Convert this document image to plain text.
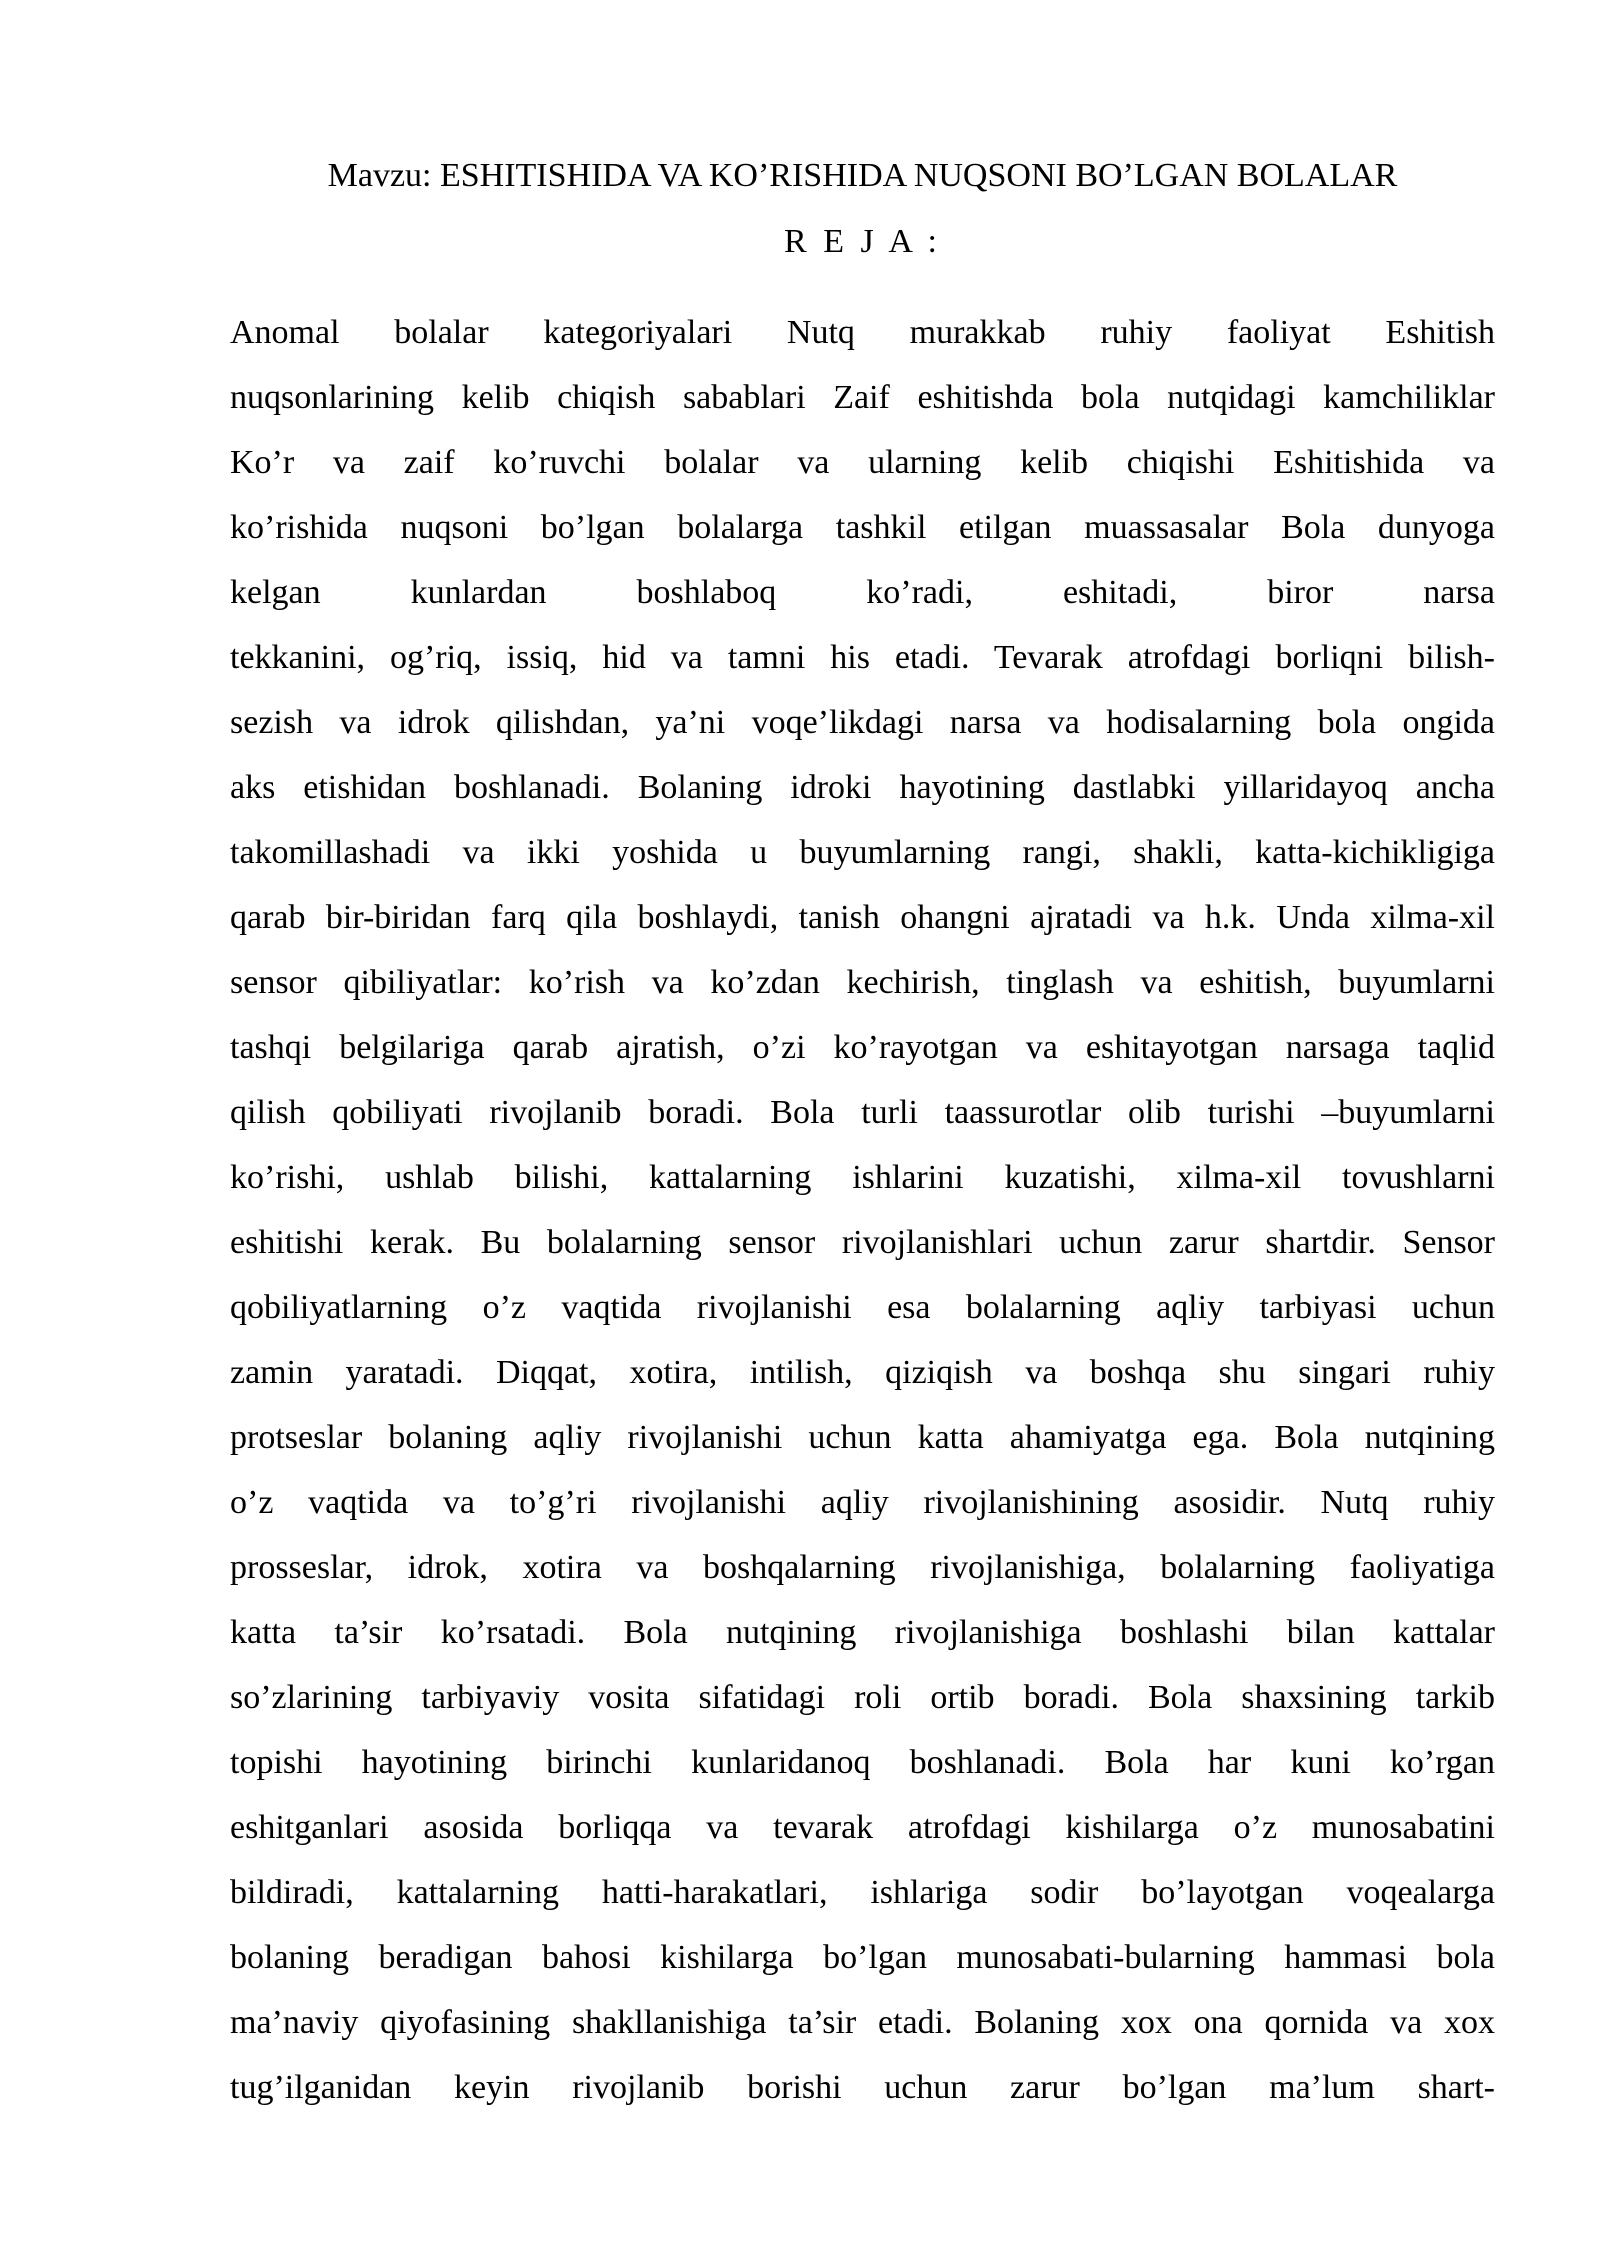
Mavzu: ESHITISHIDA VA KO’RISHIDA NUQSONI BO’LGAN BOLALAR
R E J A :

Anomal bolalar kategoriyalari Nutq murakkab ruhiy faoliyat Eshitish

nuqsonlarining kelib chiqish sabablari Zaif eshitishda bola nutqidagi kamchiliklar

Ko’r va zaif ko’ruvchi bolalar va ularning kelib chiqishi Eshitishida va

ko’rishida nuqsoni bo’lgan bolalarga tashkil etilgan muassasalar Bola dunyoga

kelgan kunlardan boshlaboq ko’radi, eshitadi, biror narsa

tekkanini, og’riq, issiq, hid va tamni his etadi. Tevarak atrofdagi borliqni bilish-

sezish va idrok qilishdan, ya’ni voqe’likdagi narsa va hodisalarning bola ongida

aks etishidan boshlanadi. Bolaning idroki hayotining dastlabki yillaridayoq ancha

takomillashadi va ikki yoshida u buyumlarning rangi, shakli, katta-kichikligiga

qarab bir-biridan farq qila boshlaydi, tanish ohangni ajratadi va h.k. Unda xilma-xil

sensor qibiliyatlar: ko’rish va ko’zdan kechirish, tinglash va eshitish, buyumlarni

tashqi belgilariga qarab ajratish, o’zi ko’rayotgan va eshitayotgan narsaga taqlid

qilish qobiliyati rivojlanib boradi. Bola turli taassurotlar olib turishi –buyumlarni

ko’rishi, ushlab bilishi, kattalarning ishlarini kuzatishi, xilma-xil tovushlarni

eshitishi kerak. Bu bolalarning sensor rivojlanishlari uchun zarur shartdir. Sensor

qobiliyatlarning o’z vaqtida rivojlanishi esa bolalarning aqliy tarbiyasi uchun

zamin yaratadi. Diqqat, xotira, intilish, qiziqish va boshqa shu singari ruhiy

protseslar bolaning aqliy rivojlanishi uchun katta ahamiyatga ega. Bola nutqining

o’z vaqtida va to’g’ri rivojlanishi aqliy rivojlanishining asosidir. Nutq ruhiy

prosseslar, idrok, xotira va boshqalarning rivojlanishiga, bolalarning faoliyatiga

katta ta’sir ko’rsatadi. Bola nutqining rivojlanishiga boshlashi bilan kattalar

so’zlarining tarbiyaviy vosita sifatidagi roli ortib boradi. Bola shaxsining tarkib

topishi hayotining birinchi kunlaridanoq boshlanadi. Bola har kuni ko’rgan

eshitganlari asosida borliqqa va tevarak atrofdagi kishilarga o’z munosabatini

bildiradi, kattalarning hatti-harakatlari, ishlariga sodir bo’layotgan voqealarga

bolaning beradigan bahosi kishilarga bo’lgan munosabati-bularning hammasi bola

ma’naviy qiyofasining shakllanishiga ta’sir etadi. Bolaning xox ona qornida va xox

tug’ilganidan keyin rivojlanib borishi uchun zarur bo’lgan ma’lum shart-
